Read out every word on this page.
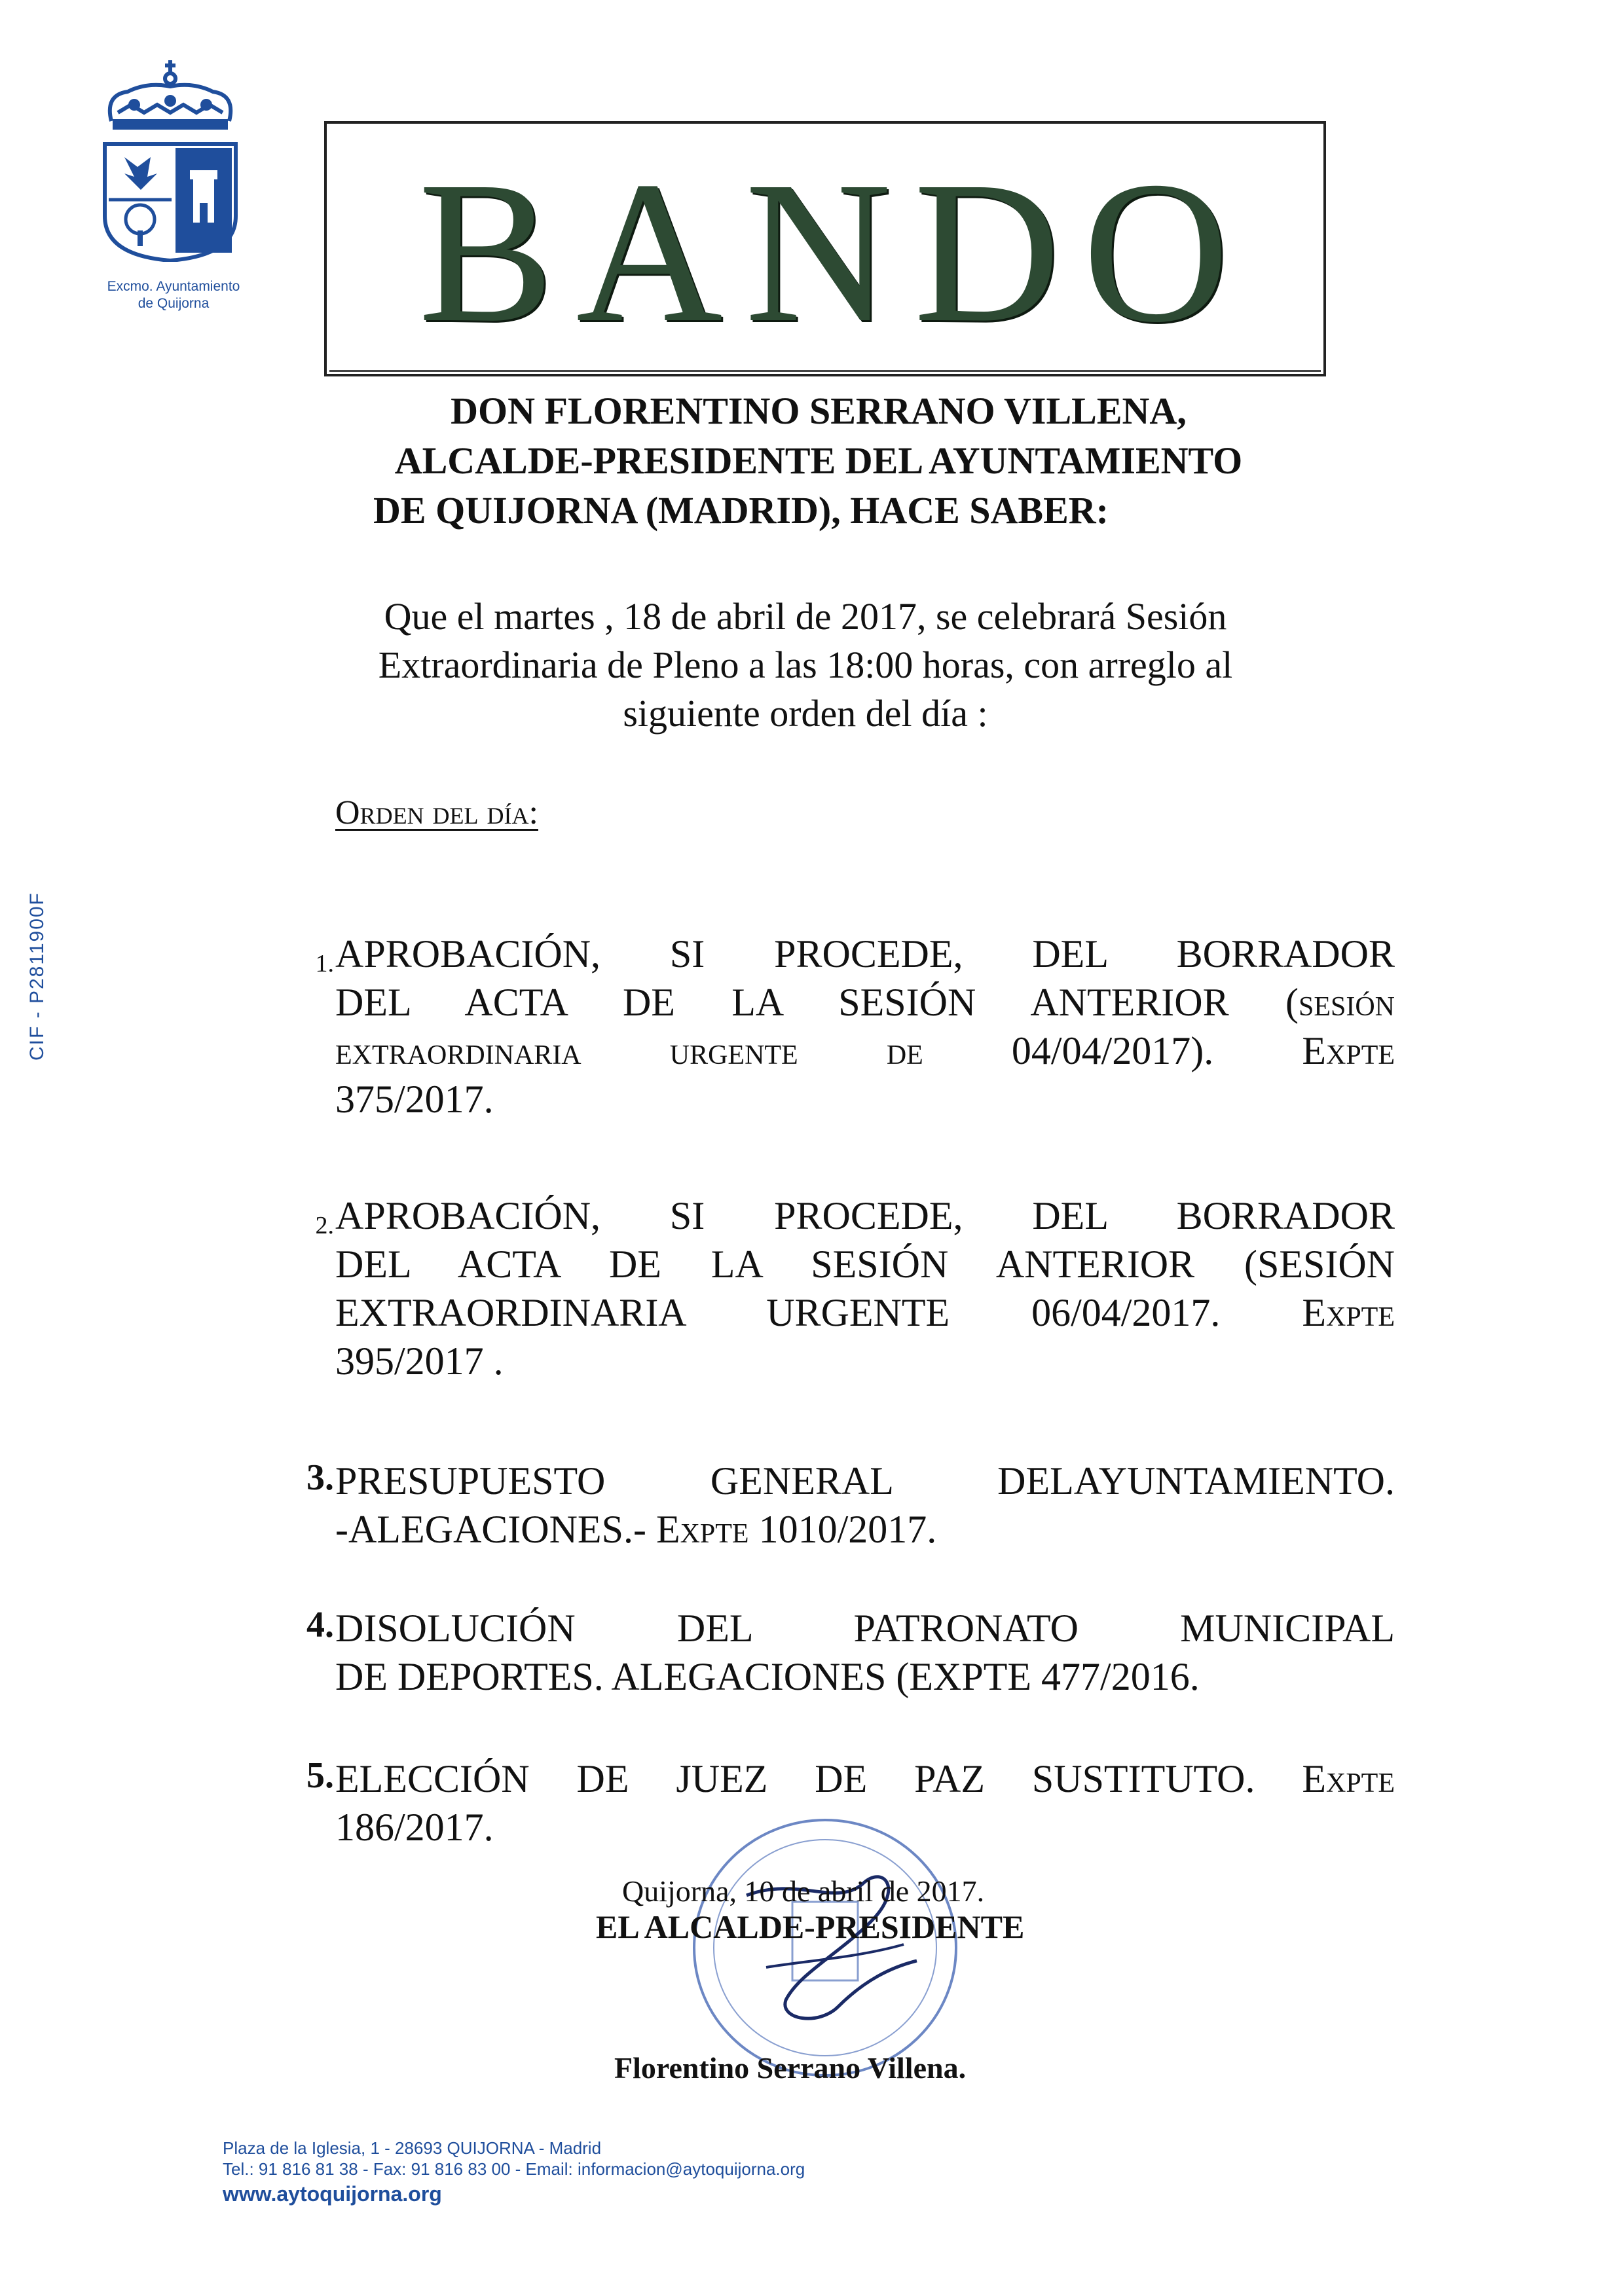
Excmo. Ayuntamiento
de Quijorna	BANDO
DON FLORENTINO SERRANO VILLENA,
ALCALDE-PRESIDENTE DEL AYUNTAMIENTO
DE QUIJORNA (MADRID), HACE SABER:
Que el martes , 18 de abril de 2017, se celebrará Sesión
Extraordinaria de Pleno a las 18:00 horas, con arreglo al
siguiente orden del día :
Orden del día:
1. APROBACIÓN, SI PROCEDE, DEL BORRADOR
DEL ACTA DE LA SESIÓN ANTERIOR (sesión
extraordinaria urgente de 04/04/2017). Expte
375/2017.
2. APROBACIÓN, SI PROCEDE, DEL BORRADOR
DEL ACTA DE LA SESIÓN ANTERIOR (SESIÓN
EXTRAORDINARIA URGENTE 06/04/2017. Expte
395/2017 .
3. PRESUPUESTO GENERAL DELAYUNTAMIENTO.
-ALEGACIONES.- Expte 1010/2017.
4. DISOLUCIÓN DEL PATRONATO MUNICIPAL
DE DEPORTES. ALEGACIONES (EXPTE 477/2016.
5. ELECCIÓN DE JUEZ DE PAZ SUSTITUTO. Expte
186/2017.
Quijorna, 10 de abril de 2017.
EL ALCALDE-PRESIDENTE
Florentino Serrano Villena.
CIF - P2811900F
Plaza de la Iglesia, 1 - 28693 QUIJORNA - Madrid
Tel.: 91 816 81 38 - Fax: 91 816 83 00 - Email: informacion@aytoquijorna.org
www.aytoquijorna.org
